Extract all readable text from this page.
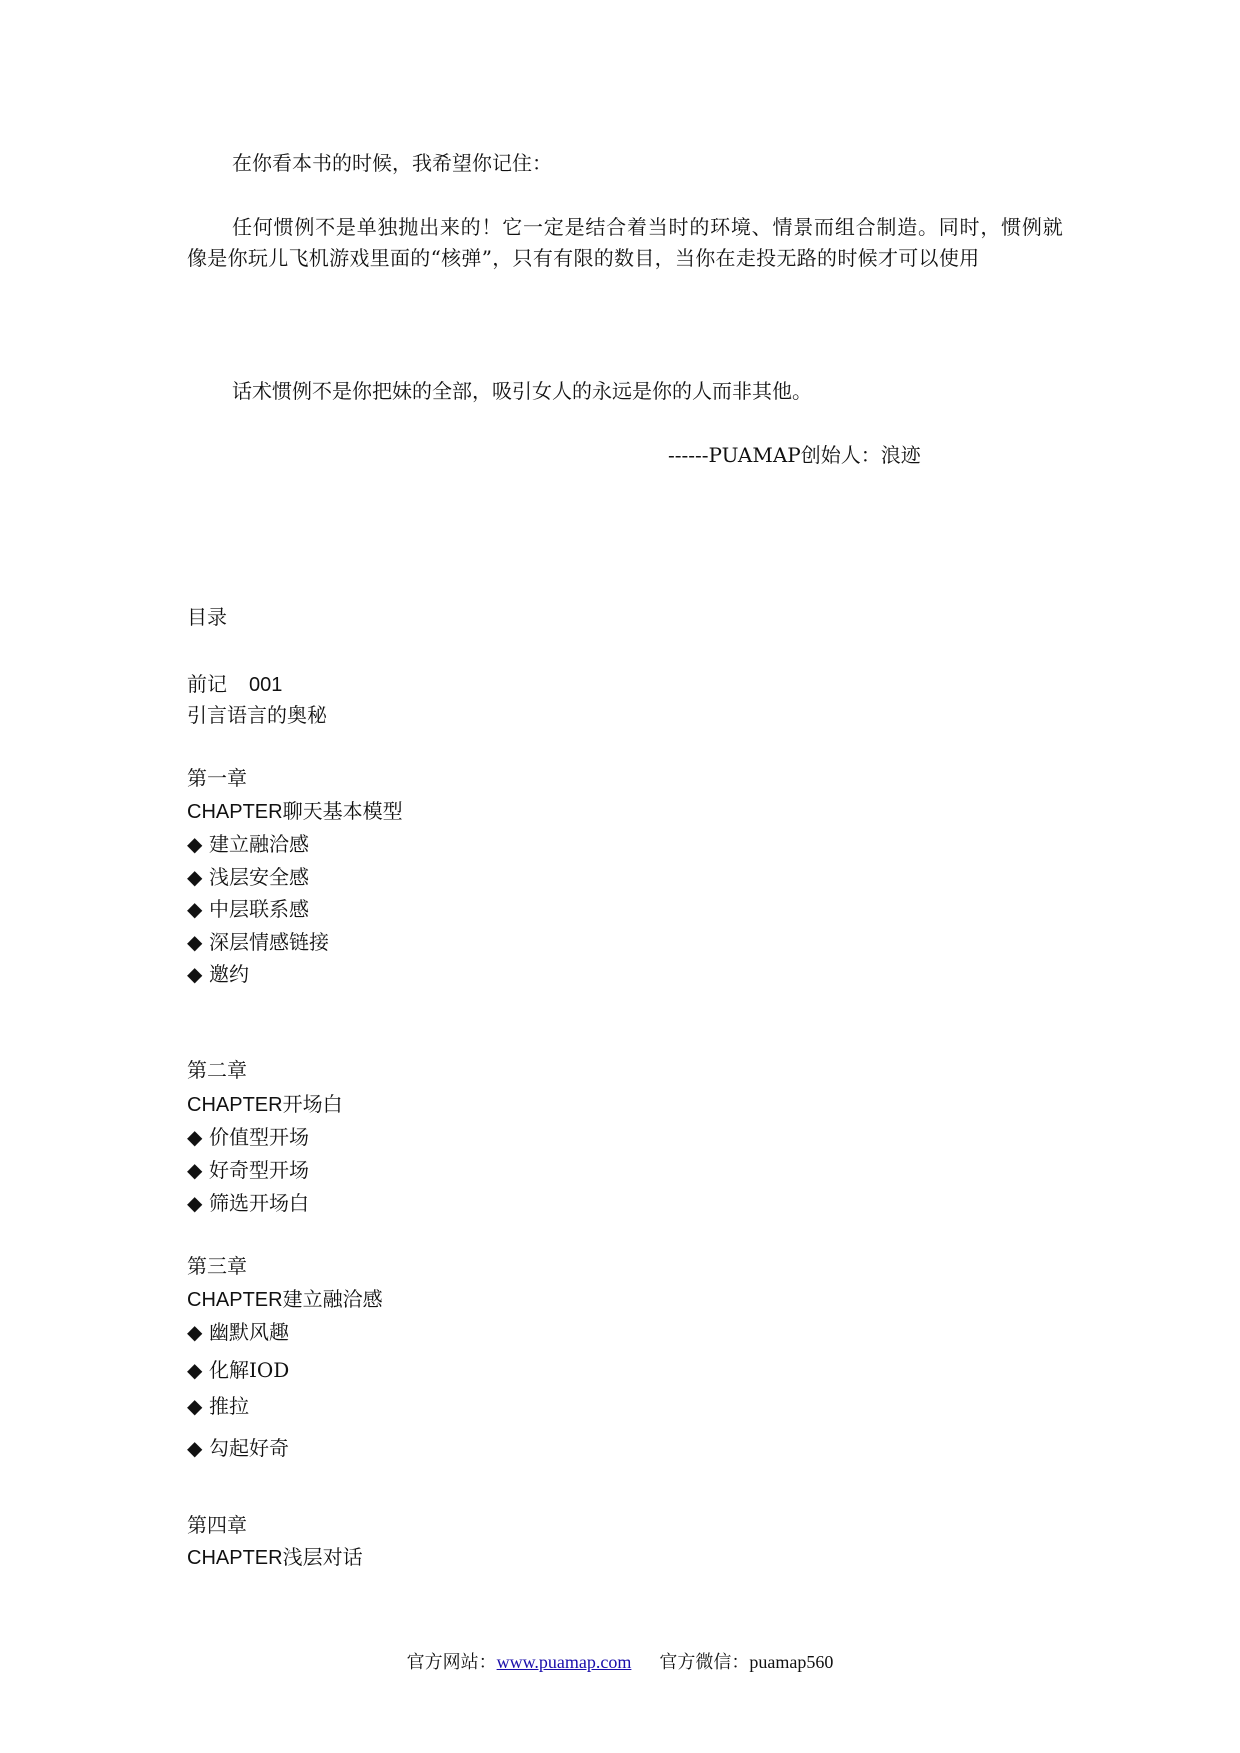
在你看本书的时候，我希望你记住：

任何惯例不是单独抛出来的！它一定是结合着当时的环境、情景而组合制造。同时，惯例就像是你玩儿飞机游戏里面的“核弹”，只有有限的数目，当你在走投无路的时候才可以使用

话术惯例不是你把妹的全部，吸引女人的永远是你的人而非其他。

------PUAMAP创始人：浪迹

目录

前记 001

引言语言的奥秘

第一章

CHAPTER聊天基本模型

◆ 建立融洽感

◆ 浅层安全感

◆ 中层联系感

◆ 深层情感链接

◆ 邀约

第二章

CHAPTER开场白

◆ 价值型开场

◆ 好奇型开场

◆ 筛选开场白

第三章

CHAPTER建立融洽感

◆ 幽默风趣

◆ 化解IOD

◆ 推拉

◆ 勾起好奇

第四章

CHAPTER浅层对话

官方网站：www.puamap.com 官方微信：puamap560
